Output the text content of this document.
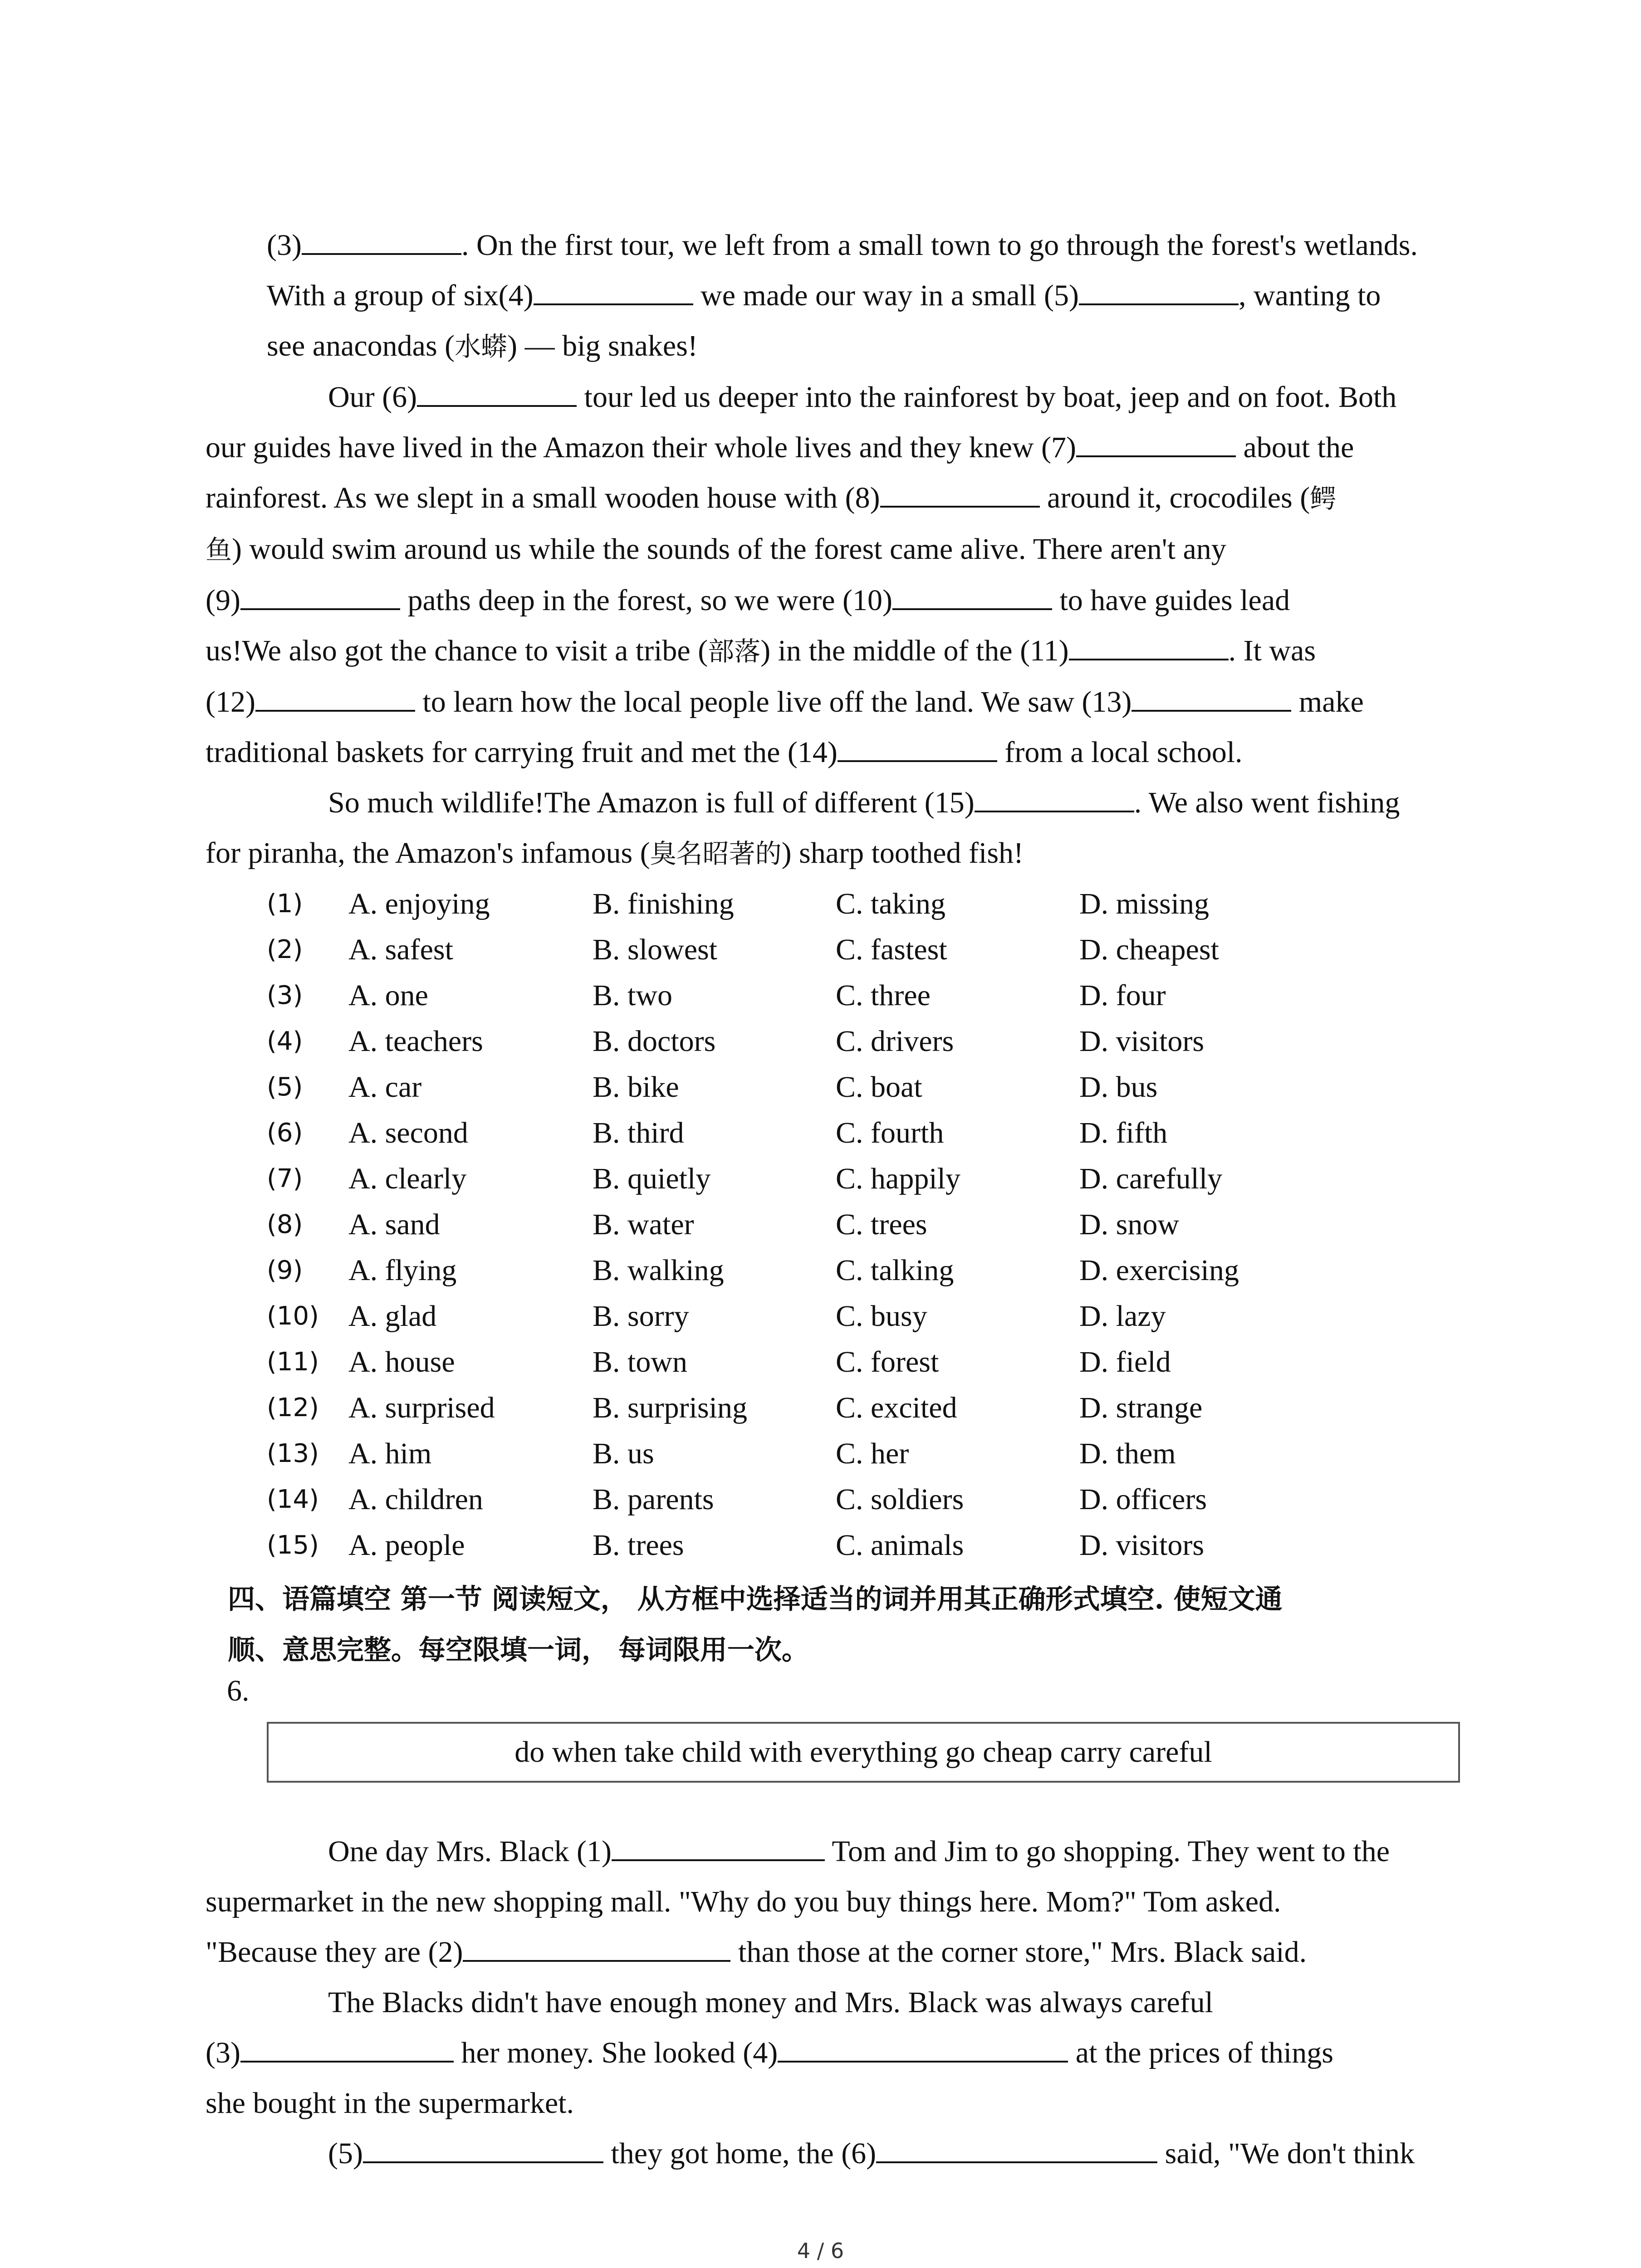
(3)	. On the first tour, we left from a small town to go through the forest's wetlands.
With a group of six(4)	we made our way in a small (5)	, wanting to
see anacondas (水蟒) — big snakes!

Our (6)	tour led us deeper into the rainforest by boat, jeep and on foot. Both
our guides have lived in the Amazon their whole lives and they knew (7)	about the
rainforest. As we slept in a small wooden house with (8)	around it, crocodiles (鳄
鱼) would swim around us while the sounds of the forest came alive. There aren't any
(9)	paths deep in the forest, so we were (10)	to have guides lead
us!We also got the chance to visit a tribe (部落) in the middle of the (11)	. It was
(12)	to learn how the local people live off the land. We saw (13)	make
traditional baskets for carrying fruit and met the (14)	from a local school.

So much wildlife!The Amazon is full of different (15)	. We also went fishing
for piranha, the Amazon's infamous (臭名昭著的) sharp toothed fish!

(1) A. enjoying	B. finishing	C. taking	D. missing
(2) A. safest	B. slowest	C. fastest	D. cheapest
(3) A. one	B. two	C. three	D. four
(4) A. teachers	B. doctors	C. drivers	D. visitors
(5) A. car	B. bike	C. boat	D. bus
(6) A. second	B. third	C. fourth	D. fifth
(7) A. clearly	B. quietly	C. happily	D. carefully
(8) A. sand	B. water	C. trees	D. snow
(9) A. flying	B. walking	C. talking	D. exercising
(10) A. glad	B. sorry	C. busy	D. lazy
(11) A. house	B. town	C. forest	D. field
(12) A. surprised	B. surprising	C. excited	D. strange
(13) A. him	B. us	C. her	D. them
(14) A. children	B. parents	C. soldiers	D. officers
(15) A. people	B. trees	C. animals	D. visitors
四、语篇填空 第一节 阅读短文， 从方框中选择适当的词并用其正确形式填空. 使短文通
顺、意思完整。每空限填一词， 每词限用一次。
6.
do when take child with everything go cheap carry careful

One day Mrs. Black (1)	Tom and Jim to go shopping. They went to the
supermarket in the new shopping mall. "Why do you buy things here. Mom?" Tom asked.
"Because they are (2)	than those at the corner store," Mrs. Black said.

The Blacks didn't have enough money and Mrs. Black was always careful
(3)	her money. She looked (4)	at the prices of things
she bought in the supermarket.

(5)	they got home, the (6)	said, "We don't think

4 / 6
